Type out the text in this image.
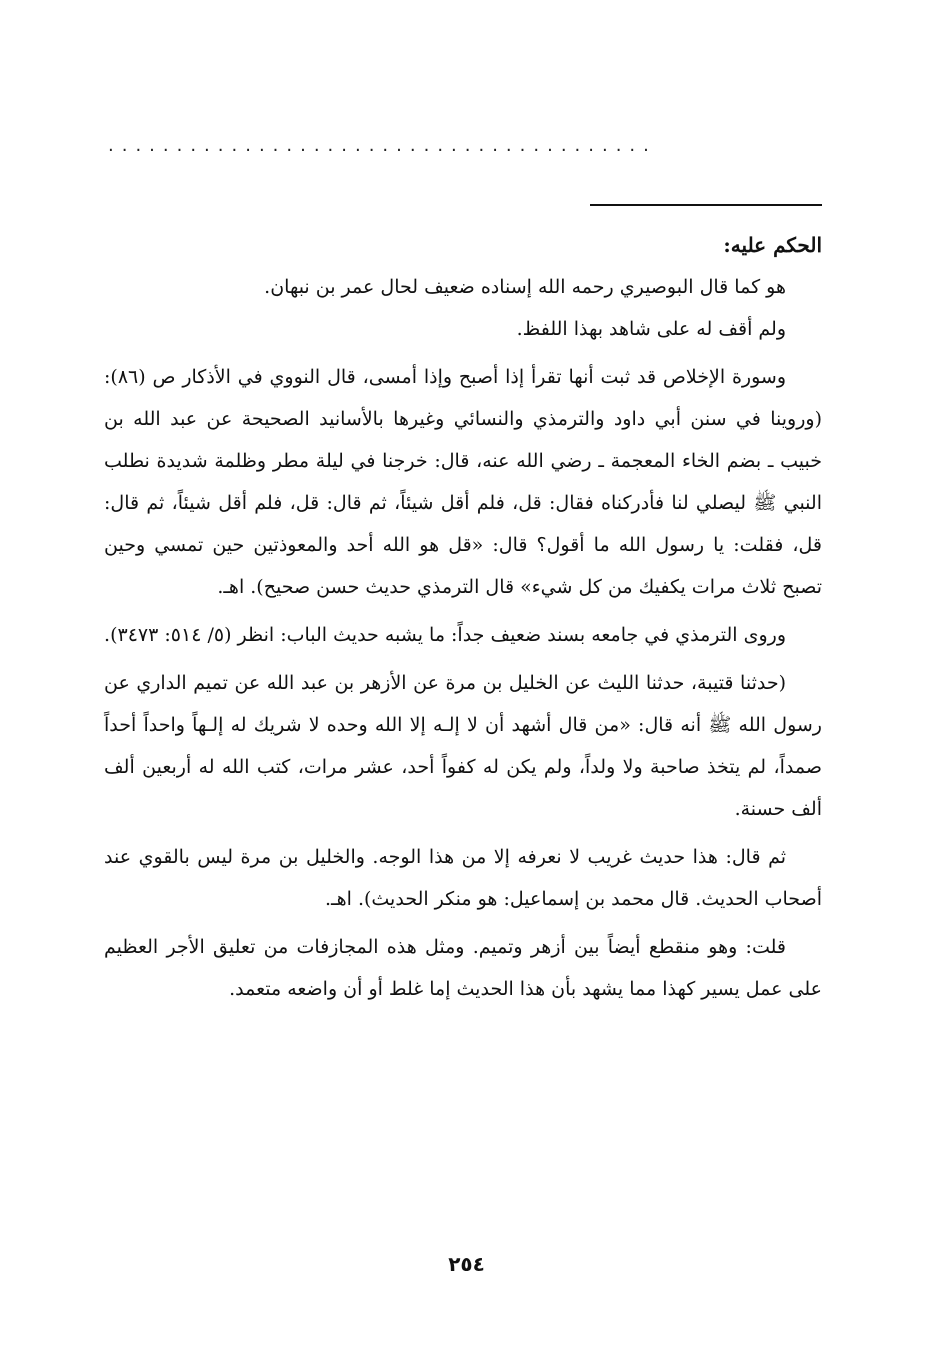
........................................

الحكم عليه:

هو كما قال البوصيري رحمه الله إسناده ضعيف لحال عمر بن نبهان.

ولم أقف له على شاهد بهذا اللفظ.

وسورة الإخلاص قد ثبت أنها تقرأ إذا أصبح وإذا أمسى، قال النووي في الأذكار ص (٨٦): (وروينا في سنن أبي داود والترمذي والنسائي وغيرها بالأسانيد الصحيحة عن عبد الله بن خبيب ـ بضم الخاء المعجمة ـ رضي الله عنه، قال: خرجنا في ليلة مطر وظلمة شديدة نطلب النبي ﷺ ليصلي لنا فأدركناه فقال: قل، فلم أقل شيئاً، ثم قال: قل، فلم أقل شيئاً، ثم قال: قل، فقلت: يا رسول الله ما أقول؟ قال: «قل هو الله أحد والمعوذتين حين تمسي وحين تصبح ثلاث مرات يكفيك من كل شيء» قال الترمذي حديث حسن صحيح). اهـ.

وروى الترمذي في جامعه بسند ضعيف جداً: ما يشبه حديث الباب: انظر (٥/ ٥١٤: ٣٤٧٣).

(حدثنا قتيبة، حدثنا الليث عن الخليل بن مرة عن الأزهر بن عبد الله عن تميم الداري عن رسول الله ﷺ أنه قال: «من قال أشهد أن لا إلـه إلا الله وحده لا شريك له إلـهاً واحداً أحداً صمداً، لم يتخذ صاحبة ولا ولداً، ولم يكن له كفواً أحد، عشر مرات، كتب الله له أربعين ألف ألف حسنة.

ثم قال: هذا حديث غريب لا نعرفه إلا من هذا الوجه. والخليل بن مرة ليس بالقوي عند أصحاب الحديث. قال محمد بن إسماعيل: هو منكر الحديث). اهـ.

قلت: وهو منقطع أيضاً بين أزهر وتميم. ومثل هذه المجازفات من تعليق الأجر العظيم على عمل يسير كهذا مما يشهد بأن هذا الحديث إما غلط أو أن واضعه متعمد.

٢٥٤
